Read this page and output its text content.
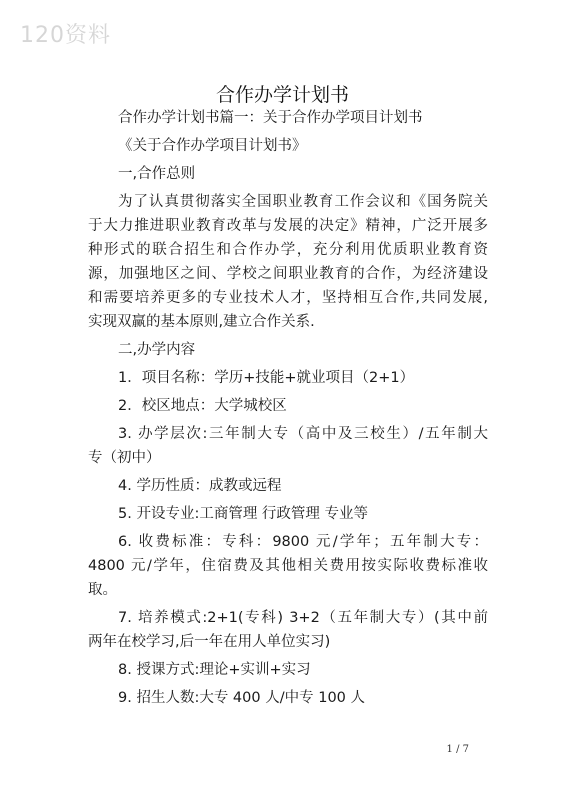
120资料
合作办学计划书
合作办学计划书篇一：关于合作办学项目计划书
《关于合作办学项目计划书》
一,合作总则
为了认真贯彻落实全国职业教育工作会议和《国务院关
于大力推进职业教育改革与发展的决定》精神，广泛开展多
种形式的联合招生和合作办学，充分利用优质职业教育资
源，加强地区之间、学校之间职业教育的合作，为经济建设
和需要培养更多的专业技术人才，坚持相互合作,共同发展,
实现双赢的基本原则,建立合作关系.
二,办学内容
1．项目名称：学历+技能+就业项目（2+1）
2．校区地点：大学城校区
3. 办学层次:三年制大专（高中及三校生）/五年制大
专（初中）
4. 学历性质：成教或远程
5. 开设专业:工商管理 行政管理 专业等
6. 收费标准：专科：9800 元/学年；五年制大专：
4800 元/学年，住宿费及其他相关费用按实际收费标准收
取。
7. 培养模式:2+1(专科) 3+2（五年制大专）(其中前
两年在校学习,后一年在用人单位实习)
8. 授课方式:理论+实训+实习
9. 招生人数:大专 400 人/中专 100 人
1 / 7
